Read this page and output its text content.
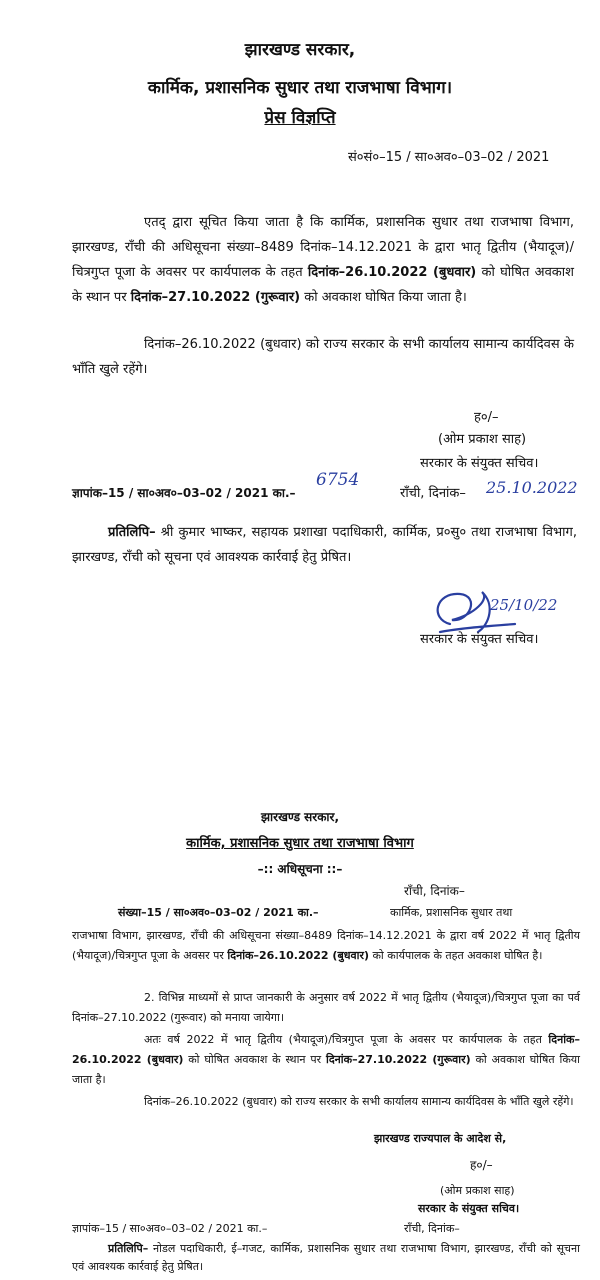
झारखण्ड सरकार,
कार्मिक, प्रशासनिक सुधार तथा राजभाषा विभाग।
प्रेस विज्ञप्ति
सं०सं०–15 / सा०अव०–03–02 / 2021
एतद् द्वारा सूचित किया जाता है कि कार्मिक, प्रशासनिक सुधार तथा राजभाषा विभाग, झारखण्ड, राँची की अधिसूचना संख्या–8489 दिनांक–14.12.2021 के द्वारा भातृ द्वितीय (भैयादूज)/चित्रगुप्त पूजा के अवसर पर कार्यपालक के तहत दिनांक–26.10.2022 (बुधवार) को घोषित अवकाश के स्थान पर दिनांक–27.10.2022 (गुरूवार) को अवकाश घोषित किया जाता है।
दिनांक–26.10.2022 (बुधवार) को राज्य सरकार के सभी कार्यालय सामान्य कार्यदिवस के भाँति खुले रहेंगे।
ह०/–
(ओम प्रकाश साह)
सरकार के संयुक्त सचिव।
ज्ञापांक–15 / सा०अव०–03–02 / 2021 का.–
6754
राँची, दिनांक– 25.10.2022
प्रतिलिपि– श्री कुमार भाष्कर, सहायक प्रशाखा पदाधिकारी, कार्मिक, प्र०सु० तथा राजभाषा विभाग, झारखण्ड, राँची को सूचना एवं आवश्यक कार्रवाई हेतु प्रेषित।
25/10/22
सरकार के संयुक्त सचिव।
झारखण्ड सरकार,
कार्मिक, प्रशासनिक सुधार तथा राजभाषा विभाग
–:: अधिसूचना ::–
राँची, दिनांक–
संख्या–15 / सा०अव०–03–02 / 2021 का.–	कार्मिक, प्रशासनिक सुधार तथा
राजभाषा विभाग, झारखण्ड, राँची की अधिसूचना संख्या–8489 दिनांक–14.12.2021 के द्वारा वर्ष 2022 में भातृ द्वितीय (भैयादूज)/चित्रगुप्त पूजा के अवसर पर दिनांक–26.10.2022 (बुधवार) को कार्यपालक के तहत अवकाश घोषित है।
2. विभिन्न माध्यमों से प्राप्त जानकारी के अनुसार वर्ष 2022 में भातृ द्वितीय (भैयादूज)/चित्रगुप्त पूजा का पर्व दिनांक–27.10.2022 (गुरूवार) को मनाया जायेगा।
अतः वर्ष 2022 में भातृ द्वितीय (भैयादूज)/चित्रगुप्त पूजा के अवसर पर कार्यपालक के तहत दिनांक–26.10.2022 (बुधवार) को घोषित अवकाश के स्थान पर दिनांक–27.10.2022 (गुरूवार) को अवकाश घोषित किया जाता है।
दिनांक–26.10.2022 (बुधवार) को राज्य सरकार के सभी कार्यालय सामान्य कार्यदिवस के भाँति खुले रहेंगे।
झारखण्ड राज्यपाल के आदेश से,
ह०/–
(ओम प्रकाश साह)
सरकार के संयुक्त सचिव।
ज्ञापांक–15 / सा०अव०–03–02 / 2021 का.–	राँची, दिनांक–
प्रतिलिपि– नोडल पदाधिकारी, ई–गजट, कार्मिक, प्रशासनिक सुधार तथा राजभाषा विभाग, झारखण्ड, राँची को सूचना एवं आवश्यक कार्रवाई हेतु प्रेषित।
